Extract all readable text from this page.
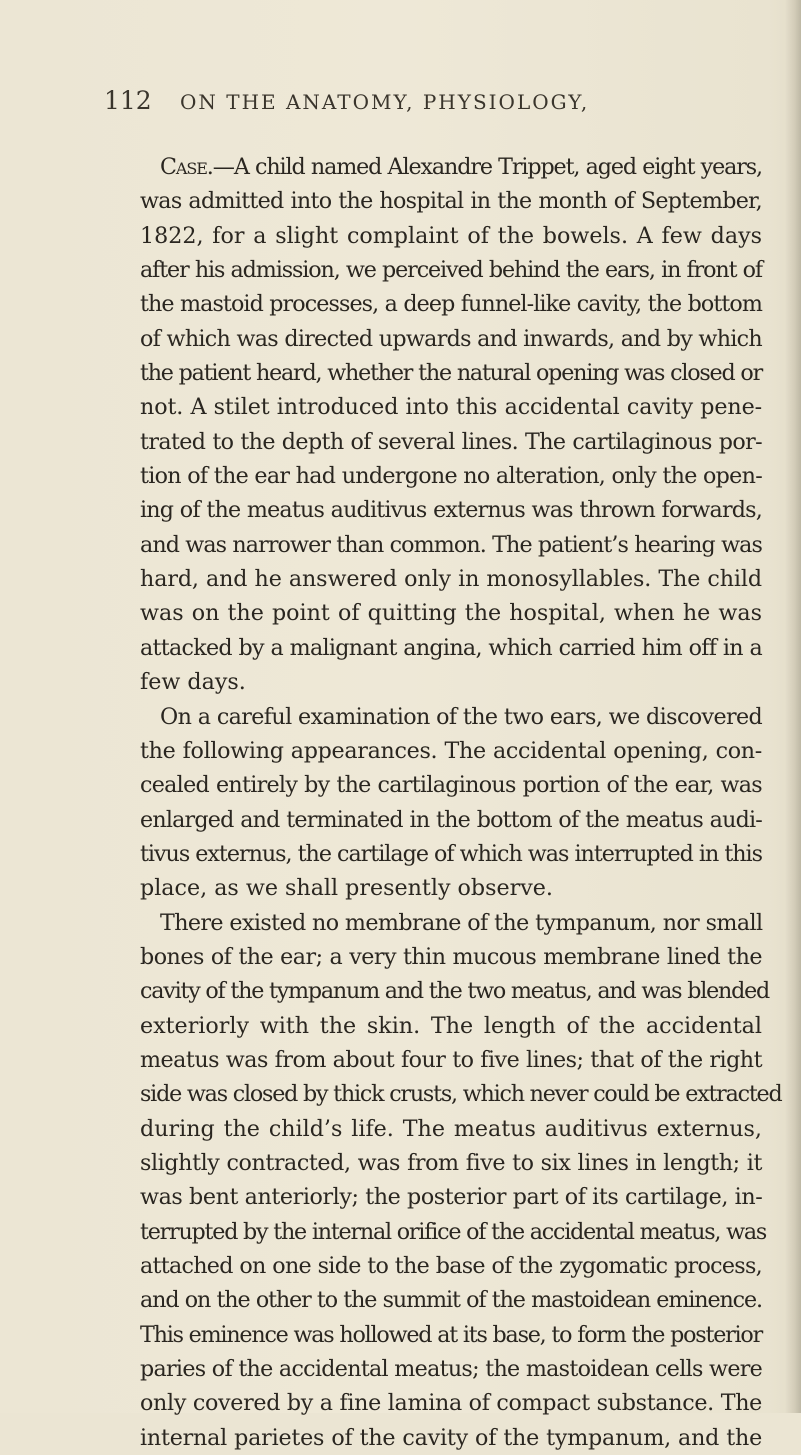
112 ON THE ANATOMY, PHYSIOLOGY,
Case.—A child named Alexandre Trippet, aged eight years,
was admitted into the hospital in the month of September,
1822, for a slight complaint of the bowels. A few days
after his admission, we perceived behind the ears, in front of
the mastoid processes, a deep funnel-like cavity, the bottom
of which was directed upwards and inwards, and by which
the patient heard, whether the natural opening was closed or
not. A stilet introduced into this accidental cavity pene-
trated to the depth of several lines. The cartilaginous por-
tion of the ear had undergone no alteration, only the open-
ing of the meatus auditivus externus was thrown forwards,
and was narrower than common. The patient’s hearing was
hard, and he answered only in monosyllables. The child
was on the point of quitting the hospital, when he was
attacked by a malignant angina, which carried him off in a
few days.
On a careful examination of the two ears, we discovered
the following appearances. The accidental opening, con-
cealed entirely by the cartilaginous portion of the ear, was
enlarged and terminated in the bottom of the meatus audi-
tivus externus, the cartilage of which was interrupted in this
place, as we shall presently observe.
There existed no membrane of the tympanum, nor small
bones of the ear; a very thin mucous membrane lined the
cavity of the tympanum and the two meatus, and was blended
exteriorly with the skin. The length of the accidental
meatus was from about four to five lines; that of the right
side was closed by thick crusts, which never could be extracted
during the child’s life. The meatus auditivus externus,
slightly contracted, was from five to six lines in length; it
was bent anteriorly; the posterior part of its cartilage, in-
terrupted by the internal orifice of the accidental meatus, was
attached on one side to the base of the zygomatic process,
and on the other to the summit of the mastoidean eminence.
This eminence was hollowed at its base, to form the posterior
paries of the accidental meatus; the mastoidean cells were
only covered by a fine lamina of compact substance. The
internal parietes of the cavity of the tympanum, and the
